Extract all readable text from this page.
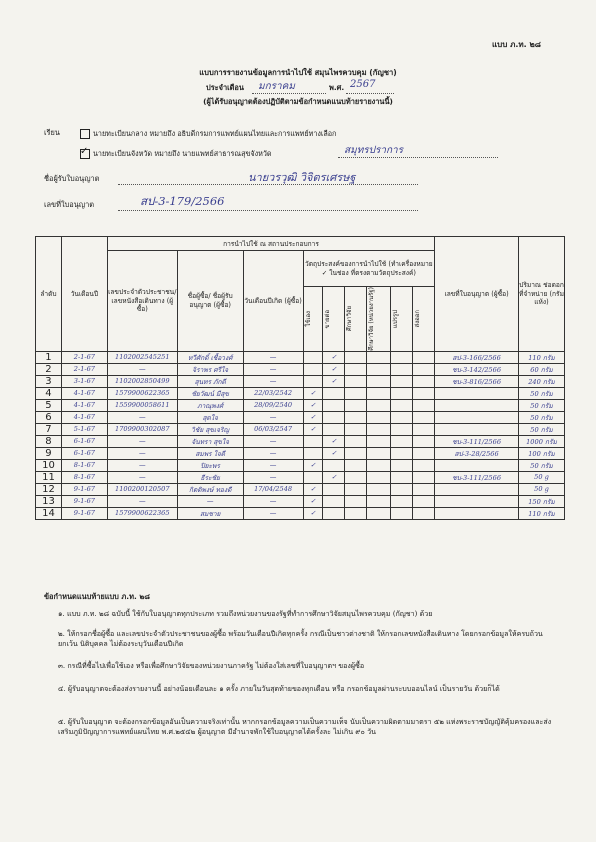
แบบ ภ.ท. ๒๘
แบบการรายงานข้อมูลการนำไปใช้ สมุนไพรควบคุม (กัญชา)
ประจำเดือน มกราคม	พ.ศ. 2567
(ผู้ได้รับอนุญาตต้องปฏิบัติตามข้อกำหนดแนบท้ายรายงานนี้)
เรียน	นายทะเบียนกลาง หมายถึง อธิบดีกรมการแพทย์แผนไทยและการแพทย์ทางเลือก
✓ นายทะเบียนจังหวัด หมายถึง นายแพทย์สาธารณสุขจังหวัด	สมุทรปราการ
ชื่อผู้รับใบอนุญาต	นายวรวุฒิ วิจิตรเศรษฐ
เลขที่ใบอนุญาต	สป-3-179/2566
ลำดับ	วันเดือนปี	การนำไปใช้ ณ สถานประกอบการ									เลขที่ใบอนุญาต (ผู้ซื้อ)	ปริมาณ ช่อดอก ที่จำหน่าย (กรัมแห้ง)
		เลขประจำตัวประชาชน/ เลขหนังสือเดินทาง (ผู้ซื้อ)	ชื่อผู้ซื้อ/ ชื่อผู้รับอนุญาต (ผู้ซื้อ)	วันเดือนปีเกิด (ผู้ซื้อ)	วัตถุประสงค์ของการนำไปใช้ (ทำเครื่องหมาย ✓ ในช่อง ที่ตรงตามวัตถุประสงค์)							

					ใช้เอง	ขายต่อ	ศึกษาวิจัย	ศึกษาวิจัย (หน่วยงานรัฐ)	แปรรูป	ส่งออก		

1	2-1-67	1102002545251	ทวีศักดิ์ เชื้อวงศ์	—		✓					สป-3-166/2566	110 กรัม
2	2-1-67	—	จิราพร ศรีใจ	—		✓					ชบ-3-142/2566	60 กรัม
3	3-1-67	1102002850499	สุนทร ภักดี	—		✓					ชบ-3-816/2566	240 กรัม
4	4-1-67	1579900622365	ชัยวัฒน์ มีสุข	22/03/2542	✓							50 กรัม
5	4-1-67	1559900058611	ภาณุพงศ์	28/09/2540	✓							50 กรัม
6	4-1-67	—	สุดใจ	—	✓							50 กรัม
7	5-1-67	1709900302087	วิชัย สุขเจริญ	06/03/2547	✓							50 กรัม
8	6-1-67	—	จันทรา สุขใจ	—		✓					ชบ-3-111/2566	1000 กรัม
9	6-1-67	—	สมพร ใจดี	—		✓					สป-3-28/2566	100 กรัม
10	8-1-67	—	ปิยะพร	—	✓							50 กรัม
11	8-1-67	—	ธีระชัย	—		✓					ชบ-3-111/2566	50 g
12	9-1-67	1100200120507	กิตติพงษ์ ทองดี	17/04/2548	✓							50 g
13	9-1-67	—	—	—	✓							150 กรัม
14	9-1-67	1579900622365	สมชาย	—	✓							110 กรัม
ข้อกำหนดแนบท้ายแบบ ภ.ท. ๒๘
๑. แบบ ภ.ท. ๒๘ ฉบับนี้ ใช้กับใบอนุญาตทุกประเภท รวมถึงหน่วยงานของรัฐที่ทำการศึกษาวิจัยสมุนไพรควบคุม (กัญชา) ด้วย
๒. ให้กรอกชื่อผู้ซื้อ และเลขประจำตัวประชาชนของผู้ซื้อ พร้อมวันเดือนปีเกิดทุกครั้ง กรณีเป็นชาวต่างชาติ ให้กรอกเลขหนังสือเดินทาง โดยกรอกข้อมูลให้ครบถ้วน ยกเว้น นิติบุคคล ไม่ต้องระบุวันเดือนปีเกิด
๓. กรณีที่ซื้อไปเพื่อใช้เอง หรือเพื่อศึกษาวิจัยของหน่วยงานภาครัฐ ไม่ต้องใส่เลขที่ใบอนุญาตฯ ของผู้ซื้อ
๔. ผู้รับอนุญาตจะต้องส่งรายงานนี้ อย่างน้อยเดือนละ ๑ ครั้ง ภายในวันสุดท้ายของทุกเดือน หรือ กรอกข้อมูลผ่านระบบออนไลน์ เป็นรายวัน ด้วยก็ได้
๕. ผู้รับใบอนุญาต จะต้องกรอกข้อมูลอันเป็นความจริงเท่านั้น หากกรอกข้อมูลความเป็นความเท็จ นับเป็นความผิดตามมาตรา ๕๒ แห่งพระราชบัญญัติคุ้มครองและส่งเสริมภูมิปัญญาการแพทย์แผนไทย พ.ศ.๒๕๔๒ ผู้อนุญาต มีอำนาจพักใช้ใบอนุญาตได้ครั้งละ ไม่เกิน ๙๐ วัน
